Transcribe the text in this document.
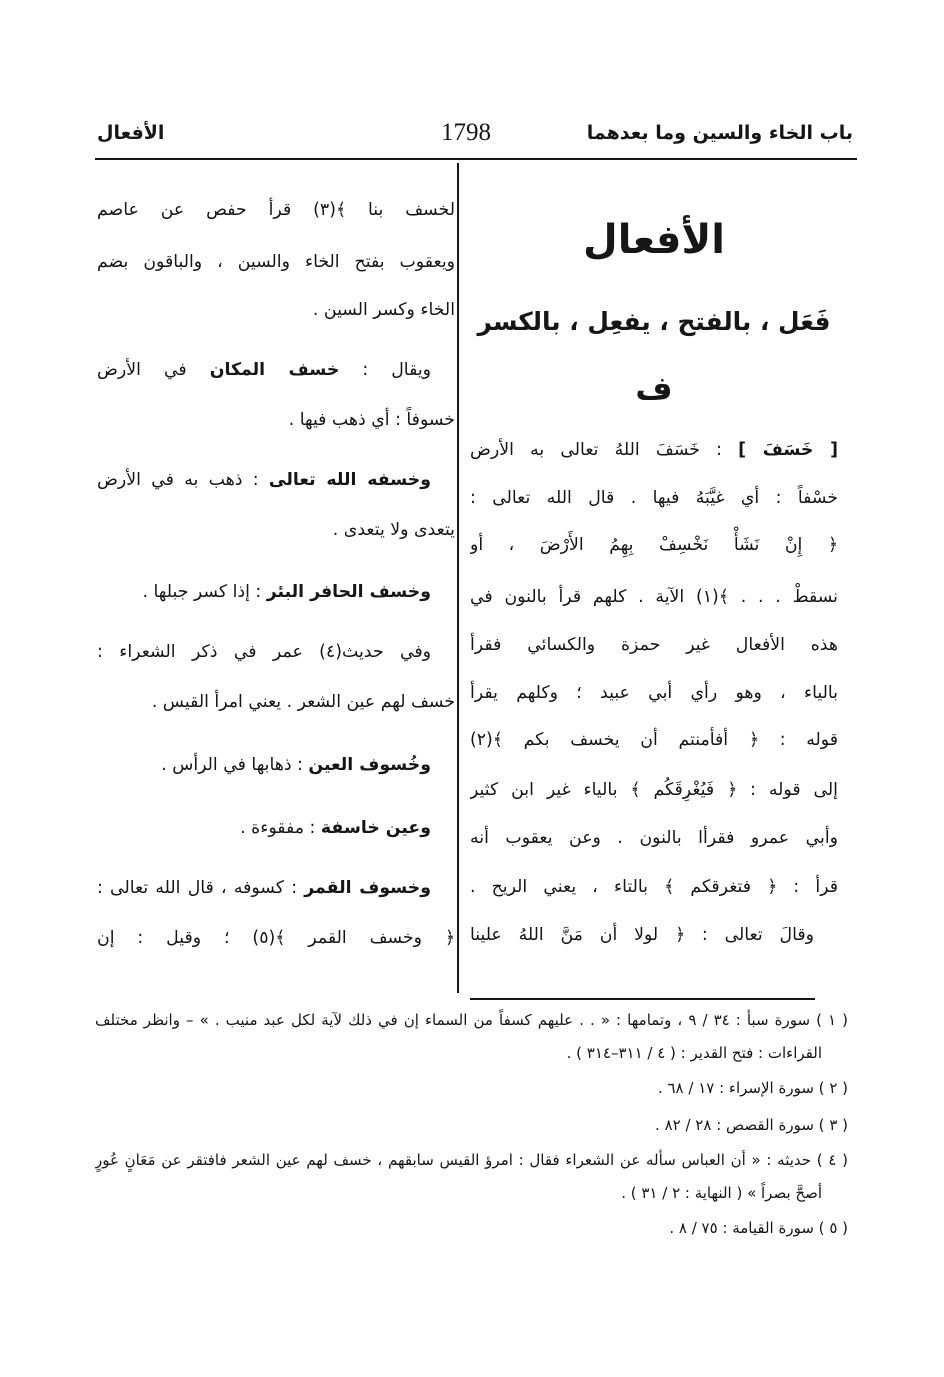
باب الخاء والسين وما بعدهما
1798
الأفعال
الأفعال
فَعَل ، بالفتح ، يفعِل ، بالكسر
ف
[ خَسَفَ ] : خَسَفَ اللهُ تعالى به الأرض
خسْفاً : أي غيَّبَهُ فيها . قال الله تعالى :
﴿ إِنْ نَشَأْ نَخْسِفْ بِهِمُ الأَرْضَ ، أو
نسقطْ . . . ﴾(١) الآية . كلهم قرأ بالنون في
هذه الأفعال غير حمزة والكسائي فقرأ
بالياء ، وهو رأي أبي عبيد ؛ وكلهم يقرأ
قوله : ﴿ أفأمنتم أن يخسف بكم ﴾(٢)
إلى قوله : ﴿ فَيُغْرِقَكُم ﴾ بالياء غير ابن كثير
وأبي عمرو فقرأا بالنون . وعن يعقوب أنه
قرأ : ﴿ فتغرقكم ﴾ بالتاء ، يعني الريح .
وقالَ تعالى : ﴿ لولا أن مَنَّ اللهُ علينا
لخسف بنا ﴾(٣) قرأ حفص عن عاصم
ويعقوب بفتح الخاء والسين ، والباقون بضم
الخاء وكسر السين .
ويقال : خسف المكان في الأرض
خسوفاً : أي ذهب فيها .
وخسفه الله تعالى : ذهب به في الأرض
يتعدى ولا يتعدى .
وخسف الحافر البئر : إذا كسر جبلها .
وفي حديث(٤) عمر في ذكر الشعراء :
خسف لهم عين الشعر . يعني امرأ القيس .
وخُسوف العين : ذهابها في الرأس .
وعين خاسفة : مفقوءة .
وخسوف القمر : كسوفه ، قال الله تعالى :
﴿ وخسف القمر ﴾(٥) ؛ وقيل : إن
( ١ ) سورة سبأ : ٣٤ / ٩ ، وتمامها : « . . عليهم كسفاً من السماء إن في ذلك لآية لكل عبد منيب . » – وانظر مختلف
القراءات : فتح القدير : ( ٤ / ٣١١–٣١٤ ) .
( ٢ ) سورة الإسراء : ١٧ / ٦٨ .
( ٣ ) سورة القصص : ٢٨ / ٨٢ .
( ٤ ) حديثه : « أن العباس سأله عن الشعراء فقال : امرؤ القيس سابقهم ، خسف لهم عين الشعر فافتقر عن مَعَانٍ عُورٍ
أصحَّ بصراً » ( النهاية : ٢ / ٣١ ) .
( ٥ ) سورة القيامة : ٧٥ / ٨ .
